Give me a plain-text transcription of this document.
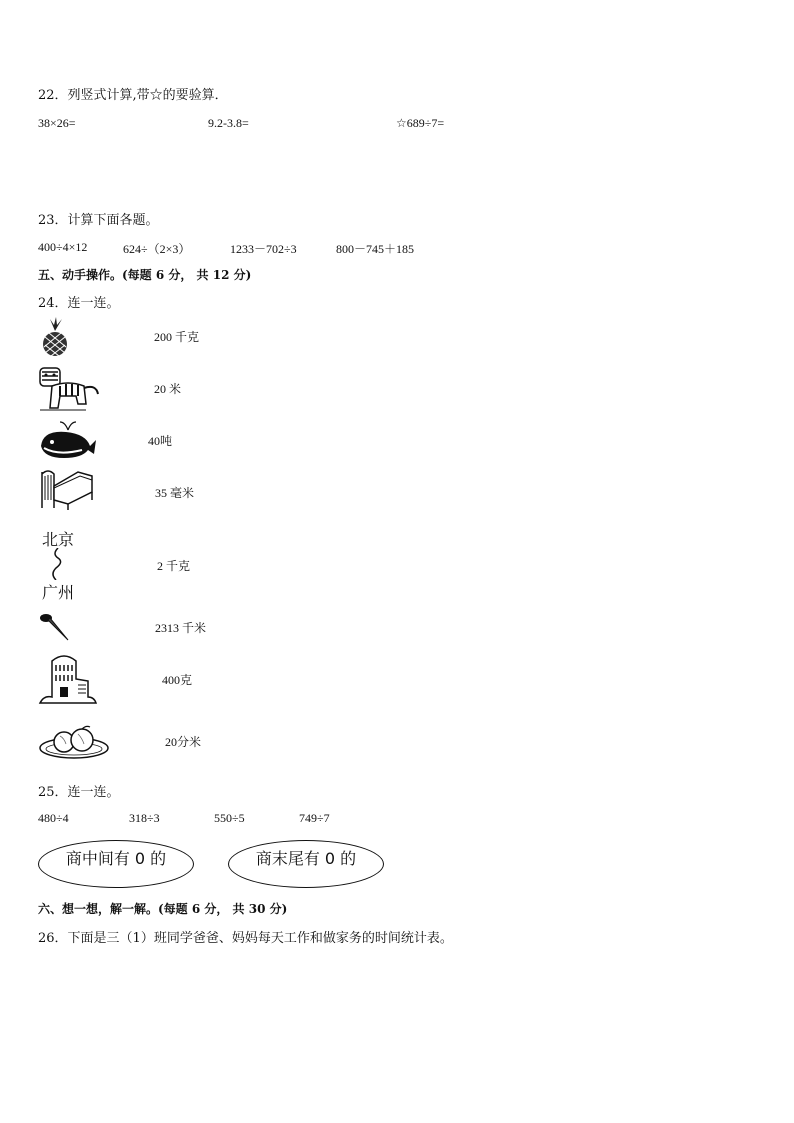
22．列竖式计算,带☆的要验算．
38×26=	9.2-3.8=	☆689÷7=
23．计算下面各题。
400÷4×12	624÷（2×3）	1233－702÷3	800－745＋185
五、动手操作。(每题 6 分， 共 12 分)
24．连一连。
200 千克
20 米
40吨
35 毫米
北京
广州
2 千克
2313 千米
400克
20分米
25．连一连。
480÷4	318÷3	550÷5	749÷7
商中间有 0 的	商末尾有 0 的
六、想一想，解一解。(每题 6 分， 共 30 分)
26．下面是三（1）班同学爸爸、妈妈每天工作和做家务的时间统计表。
